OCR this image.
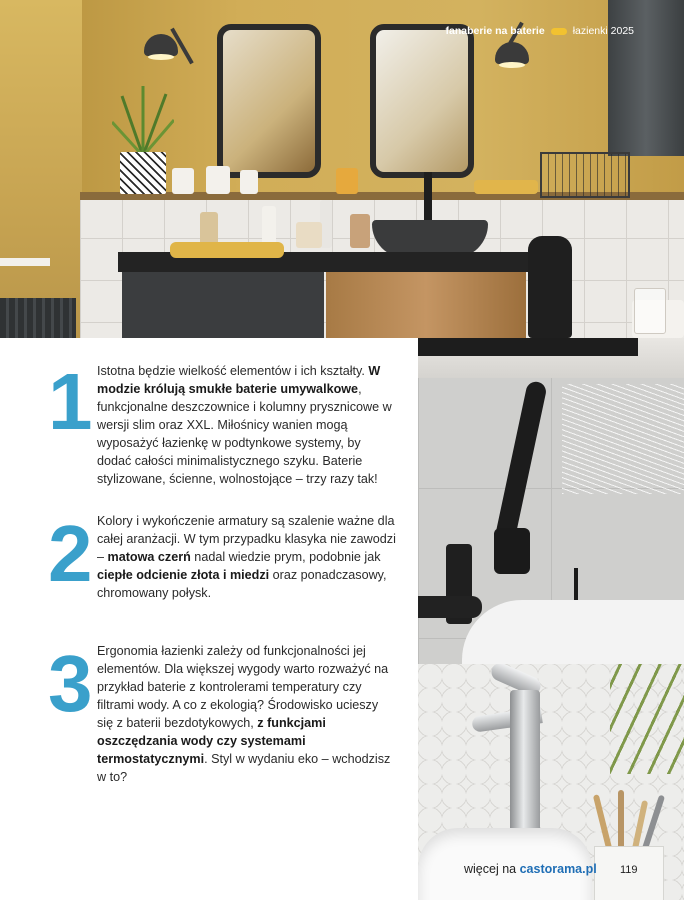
fanaberie na baterie	łazienki 2025
1 Istotna będzie wielkość elementów i ich kształty. W modzie królują smukłe baterie umywalkowe, funkcjonalne deszczownice i kolumny prysznicowe w wersji slim oraz XXL. Miłośnicy wanien mogą wyposażyć łazienkę w podtynkowe systemy, by dodać całości minimalistycznego szyku. Baterie stylizowane, ścienne, wolnostojące – trzy razy tak!

2 Kolory i wykończenie armatury są szalenie ważne dla całej aranżacji. W tym przypadku klasyka nie zawodzi – matowa czerń nadal wiedzie prym, podobnie jak ciepłe odcienie złota i miedzi oraz ponadczasowy, chromowany połysk.

3 Ergonomia łazienki zależy od funkcjonalności jej elementów. Dla większej wygody warto rozważyć na przykład baterie z kontrolerami temperatury czy filtrami wody. A co z ekologią? Środowisko ucieszy się z baterii bezdotykowych, z funkcjami oszczędzania wody czy systemami termostatycznymi. Styl w wydaniu eko – wchodzisz w to?

więcej na castorama.pl 119
